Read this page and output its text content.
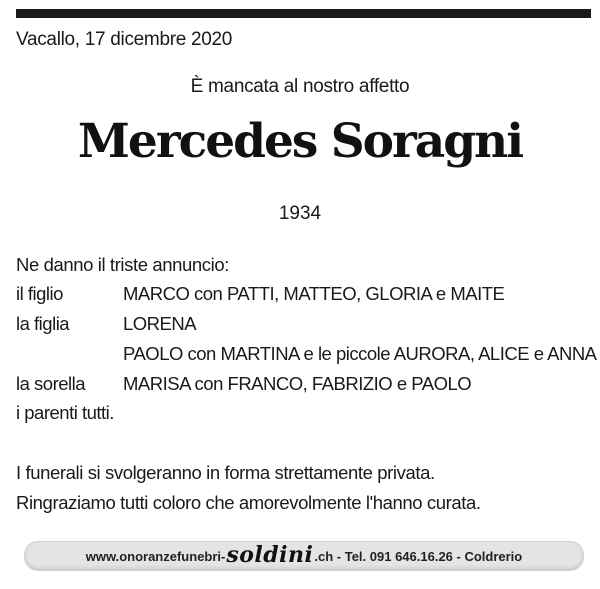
Vacallo, 17 dicembre 2020
È mancata al nostro affetto
Mercedes Soragni
1934
Ne danno il triste annuncio:
il figlio	MARCO con PATTI, MATTEO, GLORIA e MAITE
la figlia	LORENA
PAOLO con MARTINA e le piccole AURORA, ALICE e ANNA
la sorella MARISA con FRANCO, FABRIZIO e PAOLO
i parenti tutti.
I funerali si svolgeranno in forma strettamente privata.
Ringraziamo tutti coloro che amorevolmente l'hanno curata.
www.onoranzefunebri- soldini .ch - Tel. 091 646.16.26 - Coldrerio
